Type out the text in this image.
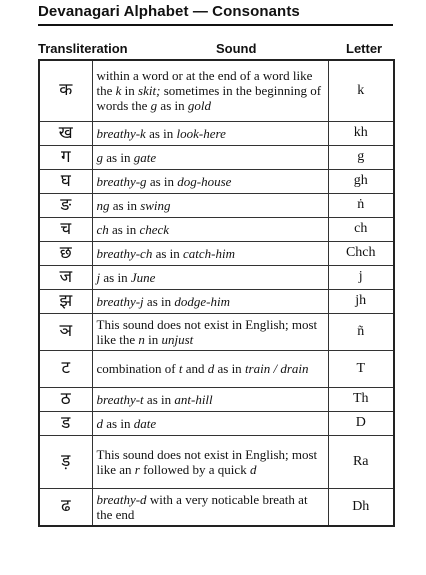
Devanagari Alphabet — Consonants
Transliteration	Sound	Letter
क	within a word or at the end of a word like the k in skit; sometimes in the beginning of words the g as in gold	k
ख	breathy-k as in look-here	kh
ग	g as in gate	g
घ	breathy-g as in dog-house	gh
ङ	ng as in swing	ṅ
च	ch as in check	ch
छ	breathy-ch as in catch-him	Chch
ज	j as in June	j
झ	breathy-j as in dodge-him	jh
ञ	This sound does not exist in English; most like the n in unjust	ñ
ट	combination of t and d as in train / drain	T
ठ	breathy-t as in ant-hill	Th
ड	d as in date	D
ड़	This sound does not exist in English; most like an r followed by a quick d	Ra
ढ	breathy-d with a very noticable breath at the end	Dh
